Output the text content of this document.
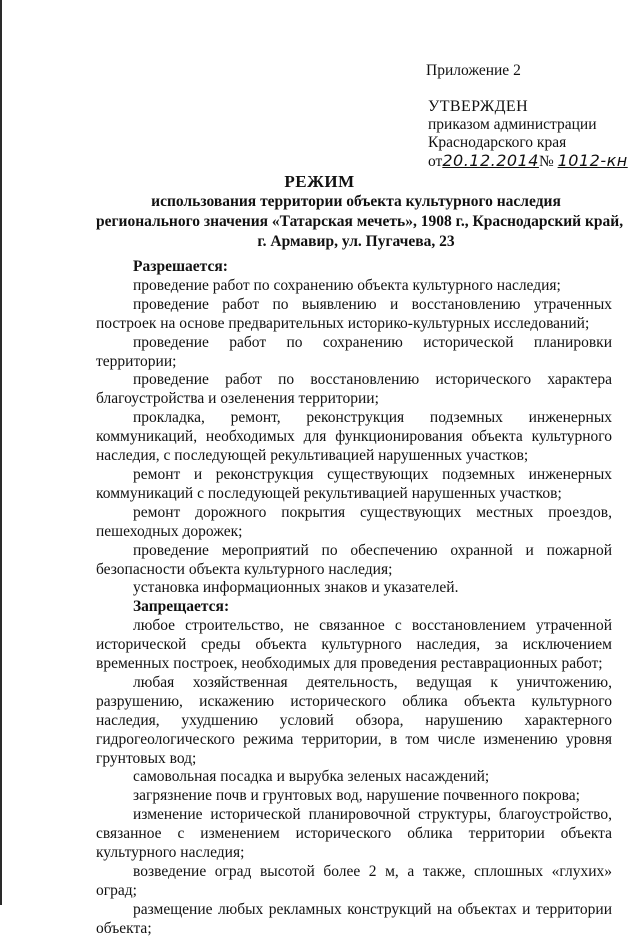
Приложение 2
УТВЕРЖДЕН
приказом администрации
Краснодарского края
от20.12.2014№ 1012-кн
РЕЖИМ
использования территории объекта культурного наследия
регионального значения «Татарская мечеть», 1908 г., Краснодарский край,
г. Армавир, ул. Пугачева, 23

Разрешается:

проведение работ по сохранению объекта культурного наследия;

проведение работ по выявлению и восстановлению утраченных построек на основе предварительных историко-культурных исследований;

проведение работ по сохранению исторической планировки территории;

проведение работ по восстановлению исторического характера благоустройства и озеленения территории;

прокладка, ремонт, реконструкция подземных инженерных коммуникаций, необходимых для функционирования объекта культурного наследия, с последующей рекультивацией нарушенных участков;

ремонт и реконструкция существующих подземных инженерных коммуникаций с последующей рекультивацией нарушенных участков;

ремонт дорожного покрытия существующих местных проездов, пешеходных дорожек;

проведение мероприятий по обеспечению охранной и пожарной безопасности объекта культурного наследия;

установка информационных знаков и указателей.

Запрещается:

любое строительство, не связанное с восстановлением утраченной исторической среды объекта культурного наследия, за исключением временных построек, необходимых для проведения реставрационных работ;

любая хозяйственная деятельность, ведущая к уничтожению, разрушению, искажению исторического облика объекта культурного наследия, ухудшению условий обзора, нарушению характерного гидрогеологического режима территории, в том числе изменению уровня грунтовых вод;

самовольная посадка и вырубка зеленых насаждений;

загрязнение почв и грунтовых вод, нарушение почвенного покрова;

изменение исторической планировочной структуры, благоустройство, связанное с изменением исторического облика территории объекта культурного наследия;

возведение оград высотой более 2 м, а также, сплошных «глухих» оград;

размещение любых рекламных конструкций на объектах и территории объекта;
